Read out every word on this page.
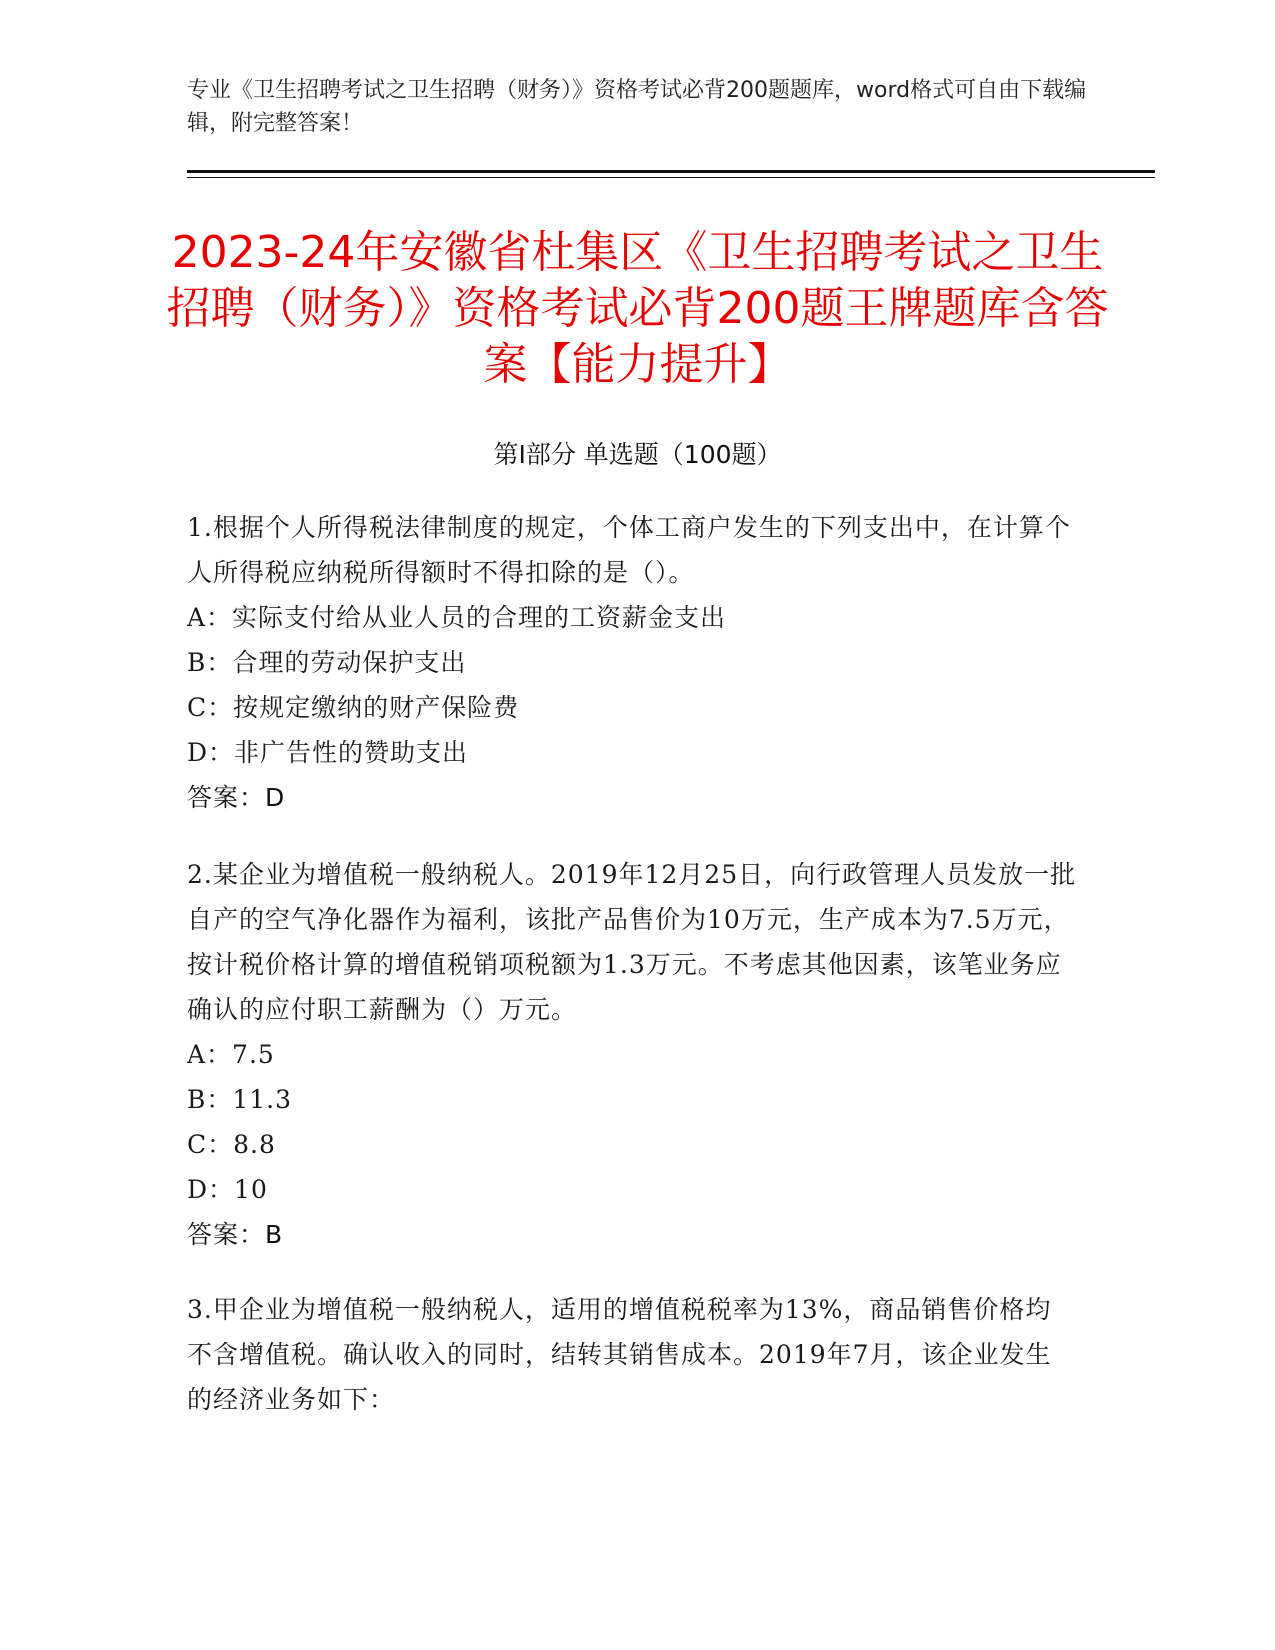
专业《卫生招聘考试之卫生招聘（财务）》资格考试必背200题题库，word格式可自由下载编辑，附完整答案！
2023-24年安徽省杜集区《卫生招聘考试之卫生招聘（财务）》资格考试必背200题王牌题库含答案【能力提升】
第Ⅰ部分 单选题（100题）
1.根据个人所得税法律制度的规定，个体工商户发生的下列支出中，在计算个人所得税应纳税所得额时不得扣除的是（）。
A：实际支付给从业人员的合理的工资薪金支出
B：合理的劳动保护支出
C：按规定缴纳的财产保险费
D：非广告性的赞助支出
答案：D
2.某企业为增值税一般纳税人。2019年12月25日，向行政管理人员发放一批自产的空气净化器作为福利，该批产品售价为10万元，生产成本为7.5万元，按计税价格计算的增值税销项税额为1.3万元。不考虑其他因素，该笔业务应确认的应付职工薪酬为（）万元。
A：7.5
B：11.3
C：8.8
D：10
答案：B
3.甲企业为增值税一般纳税人，适用的增值税税率为13%，商品销售价格均不含增值税。确认收入的同时，结转其销售成本。2019年7月，该企业发生的经济业务如下：
